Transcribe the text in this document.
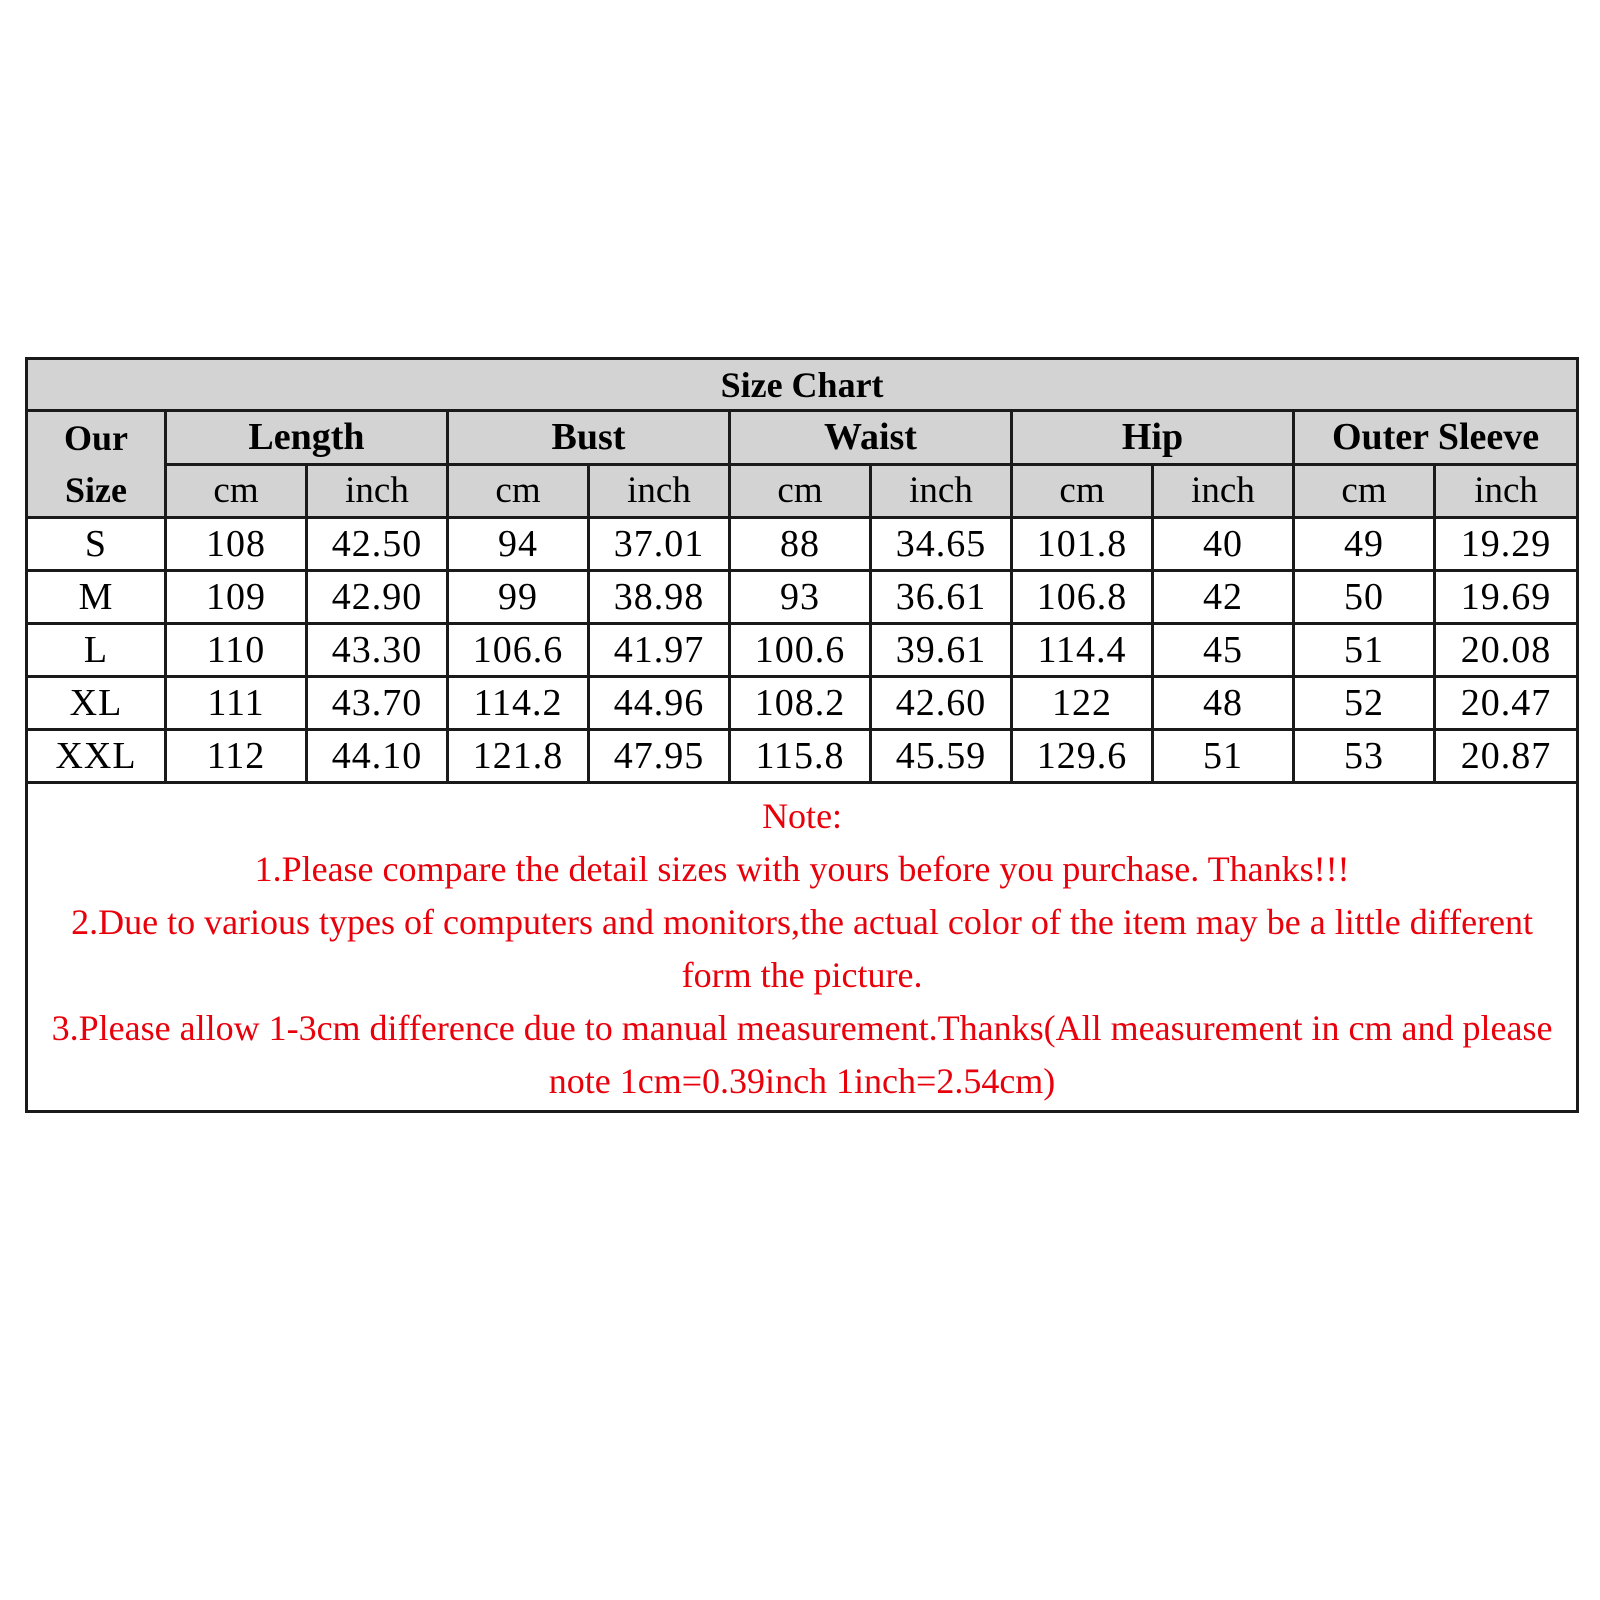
Size Chart										

Our
Size	Length		Bust		Waist		Hip		Outer Sleeve	
	cm	inch	cm	inch	cm	inch	cm	inch	cm	inch
S	108	42.50	94	37.01	88	34.65	101.8	40	49	19.29
M	109	42.90	99	38.98	93	36.61	106.8	42	50	19.69
L	110	43.30	106.6	41.97	100.6	39.61	114.4	45	51	20.08
XL	111	43.70	114.2	44.96	108.2	42.60	122	48	52	20.47
XXL	112	44.10	121.8	47.95	115.8	45.59	129.6	51	53	20.87

Note:
1.Please compare the detail sizes with yours before you purchase. Thanks!!!
2.Due to various types of computers and monitors,the actual color of the item may be a little different form the picture.
3.Please allow 1-3cm difference due to manual measurement.Thanks(All measurement in cm and please note 1cm=0.39inch 1inch=2.54cm)										
